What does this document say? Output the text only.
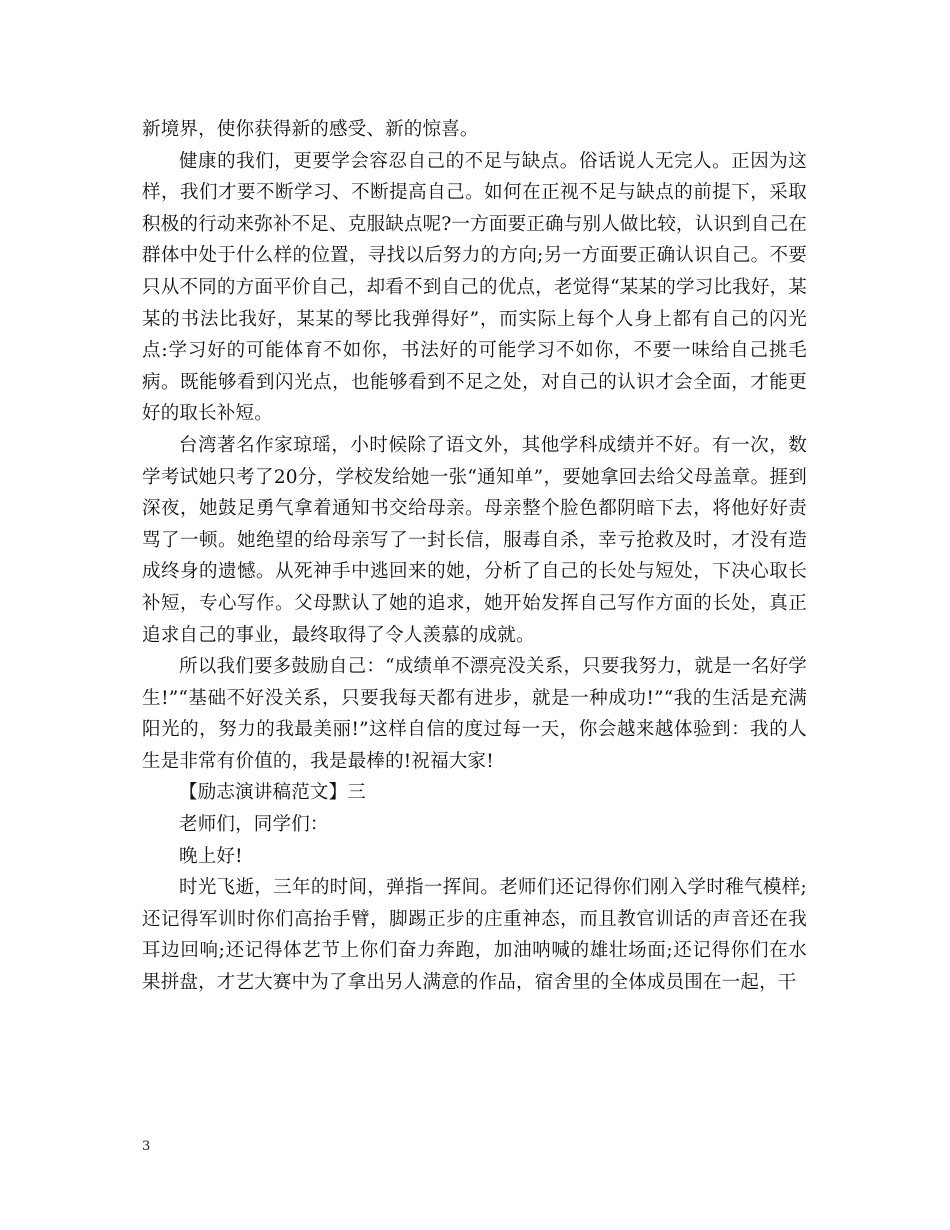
新境界，使你获得新的感受、新的惊喜。

健康的我们，更要学会容忍自己的不足与缺点。俗话说人无完人。正因为这样，我们才要不断学习、不断提高自己。如何在正视不足与缺点的前提下，采取积极的行动来弥补不足、克服缺点呢?一方面要正确与别人做比较，认识到自己在群体中处于什么样的位置，寻找以后努力的方向;另一方面要正确认识自己。不要只从不同的方面平价自己，却看不到自己的优点，老觉得“某某的学习比我好，某某的书法比我好，某某的琴比我弹得好”，而实际上每个人身上都有自己的闪光点:学习好的可能体育不如你，书法好的可能学习不如你，不要一味给自己挑毛病。既能够看到闪光点，也能够看到不足之处，对自己的认识才会全面，才能更好的取长补短。

台湾著名作家琼瑶，小时候除了语文外，其他学科成绩并不好。有一次，数学考试她只考了20分，学校发给她一张“通知单”，要她拿回去给父母盖章。捱到深夜，她鼓足勇气拿着通知书交给母亲。母亲整个脸色都阴暗下去，将他好好责骂了一顿。她绝望的给母亲写了一封长信，服毒自杀，幸亏抢救及时，才没有造成终身的遗憾。从死神手中逃回来的她，分析了自己的长处与短处，下决心取长补短，专心写作。父母默认了她的追求，她开始发挥自己写作方面的长处，真正追求自己的事业，最终取得了令人羡慕的成就。

所以我们要多鼓励自己：“成绩单不漂亮没关系，只要我努力，就是一名好学生!”“基础不好没关系，只要我每天都有进步，就是一种成功!”“我的生活是充满阳光的，努力的我最美丽!”这样自信的度过每一天，你会越来越体验到：我的人生是非常有价值的，我是最棒的!祝福大家!

【励志演讲稿范文】三

老师们，同学们：

晚上好!

时光飞逝，三年的时间，弹指一挥间。老师们还记得你们刚入学时稚气模样;还记得军训时你们高抬手臂，脚踢正步的庄重神态，而且教官训话的声音还在我耳边回响;还记得体艺节上你们奋力奔跑，加油呐喊的雄壮场面;还记得你们在水果拼盘，才艺大赛中为了拿出另人满意的作品，宿舍里的全体成员围在一起，干

3
